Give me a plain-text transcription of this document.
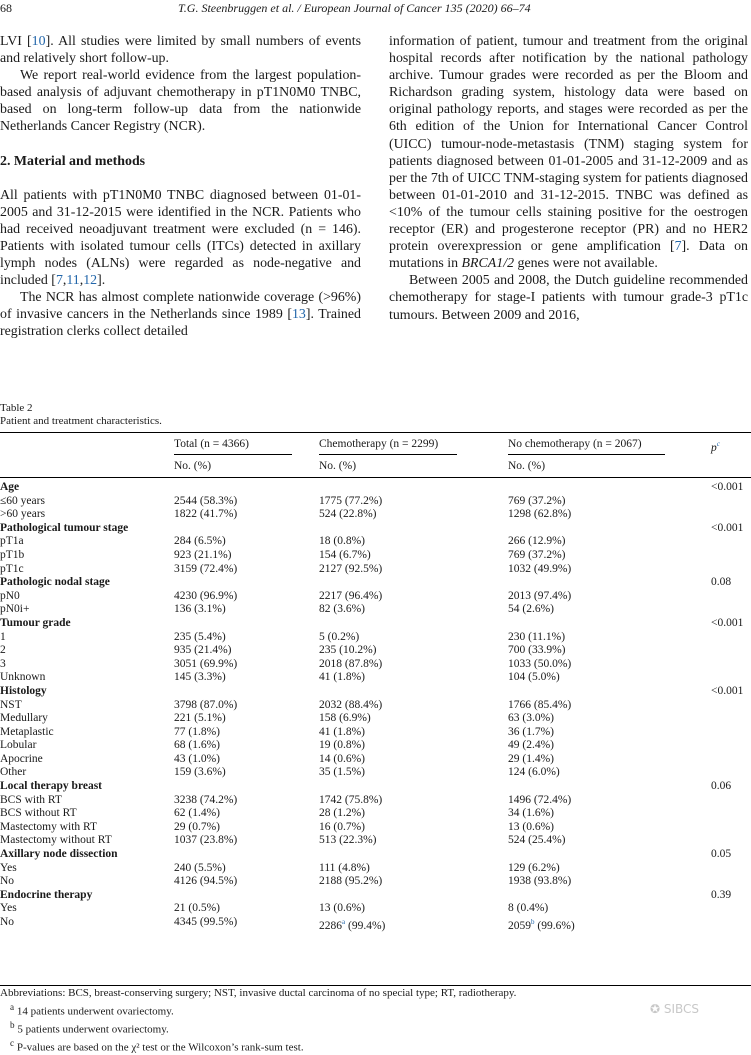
68	T.G. Steenbruggen et al. / European Journal of Cancer 135 (2020) 66–74

LVI [10]. All studies were limited by small numbers of events and relatively short follow-up.

We report real-world evidence from the largest population-based analysis of adjuvant chemotherapy in pT1N0M0 TNBC, based on long-term follow-up data from the nationwide Netherlands Cancer Registry (NCR).

2. Material and methods

All patients with pT1N0M0 TNBC diagnosed between 01-01-2005 and 31-12-2015 were identified in the NCR. Patients who had received neoadjuvant treatment were excluded (n = 146). Patients with isolated tumour cells (ITCs) detected in axillary lymph nodes (ALNs) were regarded as node-negative and included [7,11,12].

The NCR has almost complete nationwide coverage (>96%) of invasive cancers in the Netherlands since 1989 [13]. Trained registration clerks collect detailed

information of patient, tumour and treatment from the original hospital records after notification by the national pathology archive. Tumour grades were recorded as per the Bloom and Richardson grading system, histology data were based on original pathology reports, and stages were recorded as per the 6th edition of the Union for International Cancer Control (UICC) tumour-node-metastasis (TNM) staging system for patients diagnosed between 01-01-2005 and 31-12-2009 and as per the 7th of UICC TNM-staging system for patients diagnosed between 01-01-2010 and 31-12-2015. TNBC was defined as <10% of the tumour cells staining positive for the oestrogen receptor (ER) and progesterone receptor (PR) and no HER2 protein overexpression or gene amplification [7]. Data on mutations in BRCA1/2 genes were not available.

Between 2005 and 2008, the Dutch guideline recommended chemotherapy for stage-I patients with tumour grade-3 pT1c tumours. Between 2009 and 2016,

Table 2
Patient and treatment characteristics.
Total (n = 4366)	Chemotherapy (n = 2299)	No chemotherapy (n = 2067)	p$^c$
No. (%)	No. (%)	No. (%)
Age	<0.001
≤60 years	2544 (58.3%)	1775 (77.2%)	769 (37.2%)
>60 years	1822 (41.7%)	524 (22.8%)	1298 (62.8%)
Pathological tumour stage	<0.001
pT1a	284 (6.5%)	18 (0.8%)	266 (12.9%)
pT1b	923 (21.1%)	154 (6.7%)	769 (37.2%)
pT1c	3159 (72.4%)	2127 (92.5%)	1032 (49.9%)
Pathologic nodal stage	0.08
pN0	4230 (96.9%)	2217 (96.4%)	2013 (97.4%)
pN0i+	136 (3.1%)	82 (3.6%)	54 (2.6%)
Tumour grade	<0.001
1	235 (5.4%)	5 (0.2%)	230 (11.1%)
2	935 (21.4%)	235 (10.2%)	700 (33.9%)
3	3051 (69.9%)	2018 (87.8%)	1033 (50.0%)
Unknown	145 (3.3%)	41 (1.8%)	104 (5.0%)
Histology	<0.001
NST	3798 (87.0%)	2032 (88.4%)	1766 (85.4%)
Medullary	221 (5.1%)	158 (6.9%)	63 (3.0%)
Metaplastic	77 (1.8%)	41 (1.8%)	36 (1.7%)
Lobular	68 (1.6%)	19 (0.8%)	49 (2.4%)
Apocrine	43 (1.0%)	14 (0.6%)	29 (1.4%)
Other	159 (3.6%)	35 (1.5%)	124 (6.0%)
Local therapy breast	0.06
BCS with RT	3238 (74.2%)	1742 (75.8%)	1496 (72.4%)
BCS without RT	62 (1.4%)	28 (1.2%)	34 (1.6%)
Mastectomy with RT	29 (0.7%)	16 (0.7%)	13 (0.6%)
Mastectomy without RT	1037 (23.8%)	513 (22.3%)	524 (25.4%)
Axillary node dissection	0.05
Yes	240 (5.5%)	111 (4.8%)	129 (6.2%)
No	4126 (94.5%)	2188 (95.2%)	1938 (93.8%)
Endocrine therapy	0.39
Yes	21 (0.5%)	13 (0.6%)	8 (0.4%)
No	4345 (99.5%)	2286$^a$ (99.4%)	2059$^b$ (99.6%)

Abbreviations: BCS, breast-conserving surgery; NST, invasive ductal carcinoma of no special type; RT, radiotherapy.

$^a$ 14 patients underwent ovariectomy.

$^b$ 5 patients underwent ovariectomy.

$^c$ P-values are based on the χ² test or the Wilcoxon’s rank-sum test.

✪ SIBCS
